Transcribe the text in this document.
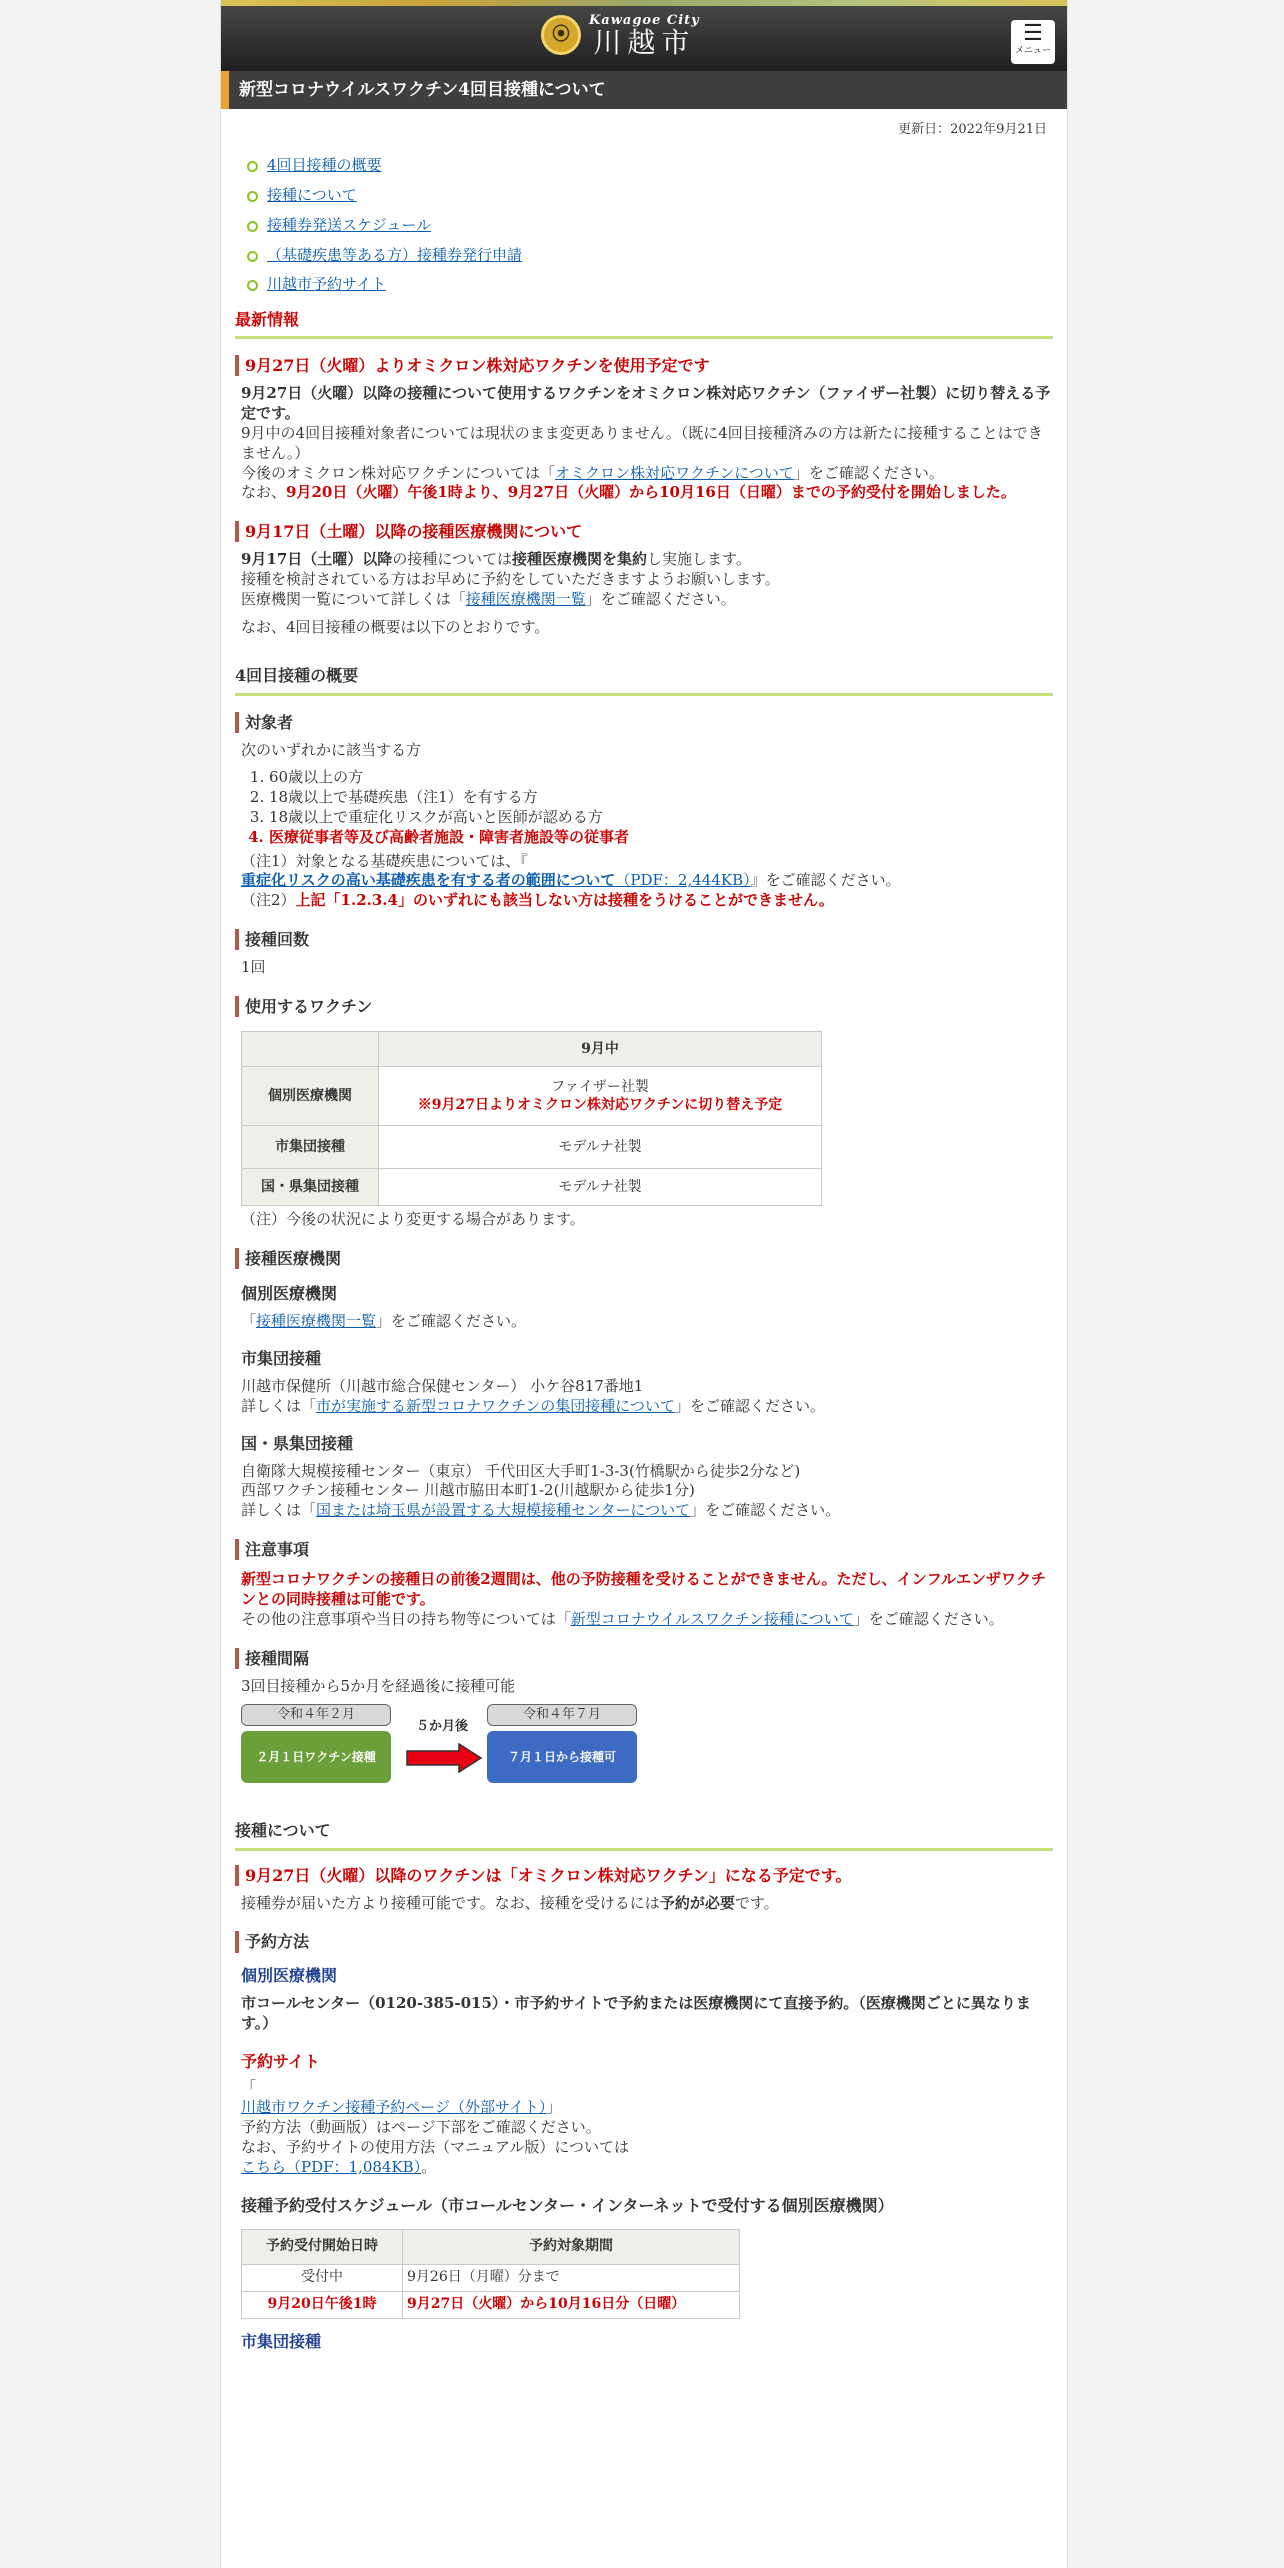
⦿
Kawagoe City
川越市	☰
メニュー
新型コロナウイルスワクチン4回目接種について
更新日：2022年9月21日
4回目接種の概要
接種について
接種券発送スケジュール
（基礎疾患等ある方）接種券発行申請
川越市予約サイト
最新情報
9月27日（火曜）よりオミクロン株対応ワクチンを使用予定です
9月27日（火曜）以降の接種について使用するワクチンをオミクロン株対応ワクチン（ファイザー社製）に切り替える予定です。
9月中の4回目接種対象者については現状のまま変更ありません。（既に4回目接種済みの方は新たに接種することはできません。）
今後のオミクロン株対応ワクチンについては「オミクロン株対応ワクチンについて」をご確認ください。
なお、9月20日（火曜）午後1時より、9月27日（火曜）から10月16日（日曜）までの予約受付を開始しました。
9月17日（土曜）以降の接種医療機関について
9月17日（土曜）以降の接種については接種医療機関を集約し実施します。
接種を検討されている方はお早めに予約をしていただきますようお願いします。
医療機関一覧について詳しくは「接種医療機関一覧」をご確認ください。
なお、4回目接種の概要は以下のとおりです。
4回目接種の概要
対象者
次のいずれかに該当する方
1. 60歳以上の方
2. 18歳以上で基礎疾患（注1）を有する方
3. 18歳以上で重症化リスクが高いと医師が認める方
4. 医療従事者等及び高齢者施設・障害者施設等の従事者
（注1）対象となる基礎疾患については、『
重症化リスクの高い基礎疾患を有する者の範囲について（PDF：2,444KB）』をご確認ください。
（注2）上記「1.2.3.4」のいずれにも該当しない方は接種をうけることができません。
接種回数
1回
使用するワクチン
	9月中
個別医療機関	ファイザー社製
※9月27日よりオミクロン株対応ワクチンに切り替え予定

市集団接種	モデルナ社製
国・県集団接種	モデルナ社製
（注）今後の状況により変更する場合があります。
接種医療機関
個別医療機関
「接種医療機関一覧」をご確認ください。
市集団接種
川越市保健所（川越市総合保健センター） 小ケ谷817番地1
詳しくは「市が実施する新型コロナワクチンの集団接種について」をご確認ください。
国・県集団接種
自衛隊大規模接種センター（東京） 千代田区大手町1-3-3(竹橋駅から徒歩2分など)
西部ワクチン接種センター 川越市脇田本町1-2(川越駅から徒歩1分)
詳しくは「国または埼玉県が設置する大規模接種センターについて」をご確認ください。
注意事項
新型コロナワクチンの接種日の前後2週間は、他の予防接種を受けることができません。ただし、インフルエンザワクチンとの同時接種は可能です。
その他の注意事項や当日の持ち物等については「新型コロナウイルスワクチン接種について」をご確認ください。
接種間隔
3回目接種から5か月を経過後に接種可能
令和４年２月
２月１日ワクチン接種
５か月後
令和４年７月
７月１日から接種可
接種について
9月27日（火曜）以降のワクチンは「オミクロン株対応ワクチン」になる予定です。
接種券が届いた方より接種可能です。なお、接種を受けるには予約が必要です。
予約方法
個別医療機関
市コールセンター（0120-385-015）・市予約サイトで予約または医療機関にて直接予約。（医療機関ごとに異なります。）
予約サイト
「
川越市ワクチン接種予約ページ（外部サイト）」
予約方法（動画版）はページ下部をご確認ください。
なお、予約サイトの使用方法（マニュアル版）については
こちら（PDF：1,084KB）。
接種予約受付スケジュール（市コールセンター・インターネットで受付する個別医療機関）
予約受付開始日時	予約対象期間
受付中	9月26日（月曜）分まで
9月20日午後1時	9月27日（火曜）から10月16日分（日曜）
市集団接種
